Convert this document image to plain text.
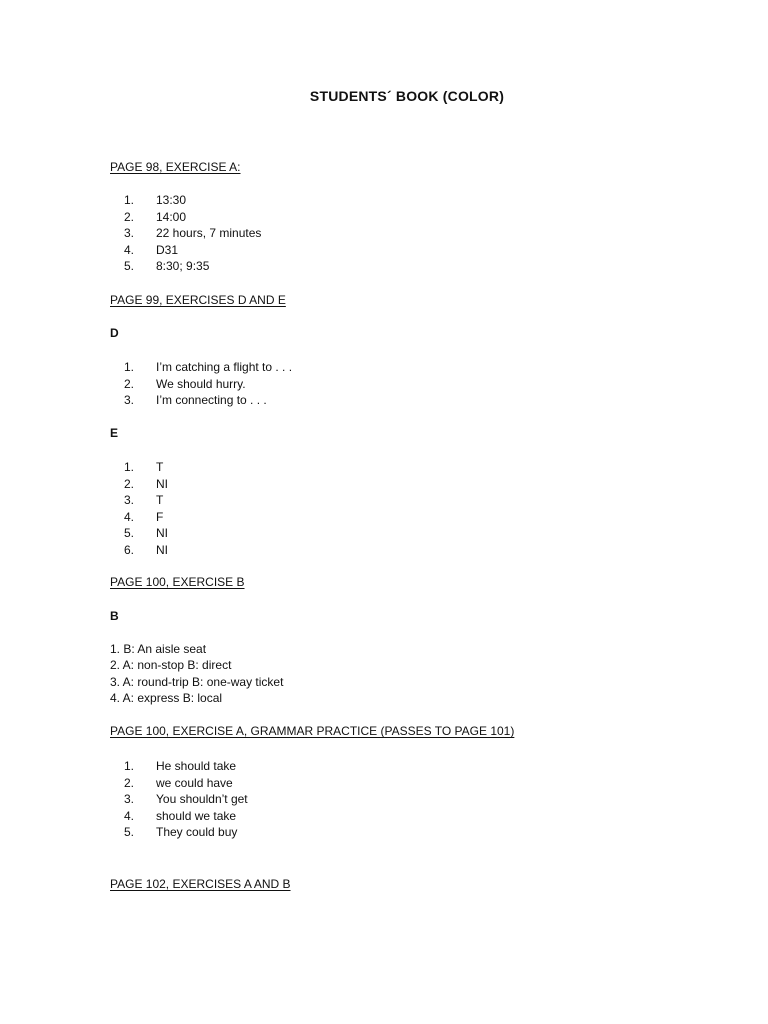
STUDENTS´ BOOK (COLOR)
PAGE 98, EXERCISE A:
1. 13:30
2. 14:00
3. 22 hours, 7 minutes
4. D31
5. 8:30; 9:35
PAGE 99, EXERCISES D AND E
D
1. I’m catching a flight to . . .
2. We should hurry.
3. I’m connecting to . . .
E
1. T
2. NI
3. T
4. F
5. NI
6. NI
PAGE 100, EXERCISE B
B
1. B: An aisle seat
2. A: non-stop B: direct
3. A: round-trip B: one-way ticket
4. A: express B: local
PAGE 100, EXERCISE A, GRAMMAR PRACTICE (PASSES TO PAGE 101)
1. He should take
2. we could have
3. You shouldn’t get
4. should we take
5. They could buy
PAGE 102, EXERCISES A AND B
